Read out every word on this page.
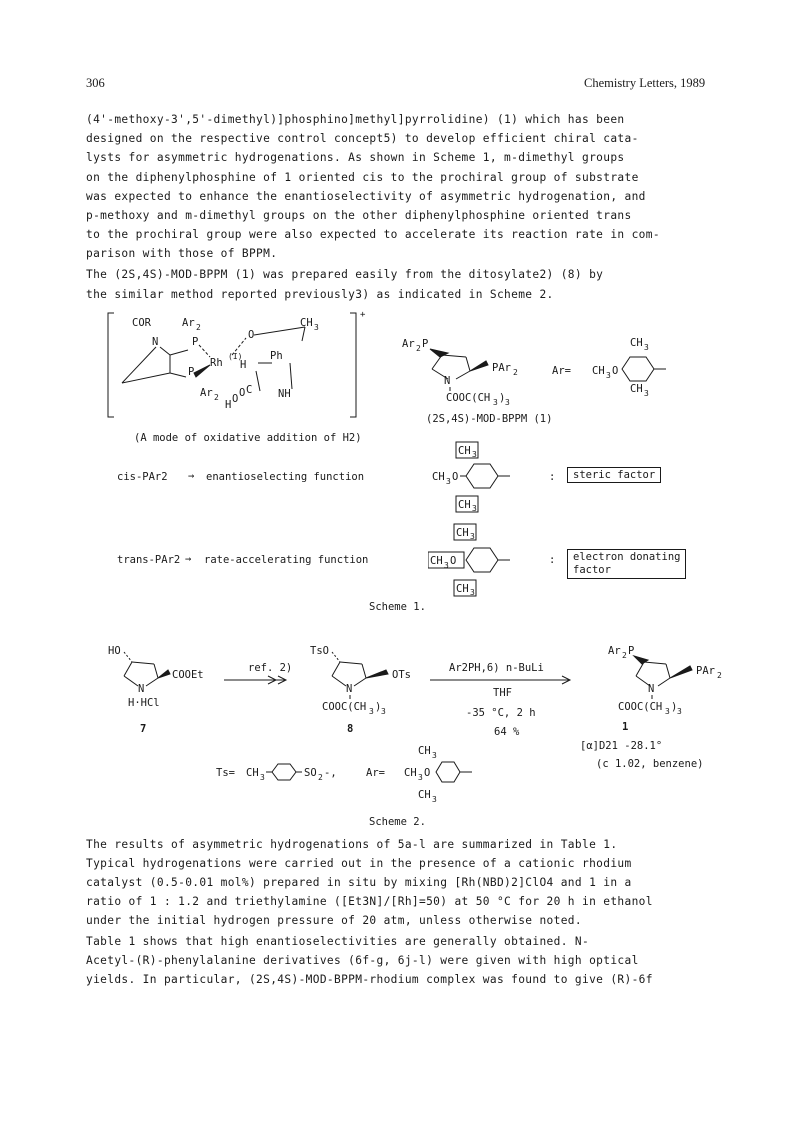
306	Chemistry Letters, 1989
(4'-methoxy-3',5'-dimethyl)]phosphino]methyl]pyrrolidine) (1) which has been
designed on the respective control concept5) to develop efficient chiral cata-
lysts for asymmetric hydrogenations. As shown in Scheme 1, m-dimethyl groups
on the diphenylphosphine of 1 oriented cis to the prochiral group of substrate
was expected to enhance the enantioselectivity of asymmetric hydrogenation, and
p-methoxy and m-dimethyl groups on the other diphenylphosphine oriented trans
to the prochiral group were also expected to accelerate its reaction rate in com-
parison with those of BPPM.
The (2S,4S)-MOD-BPPM (1) was prepared easily from the ditosylate2) (8) by
the similar method reported previously3) as indicated in Scheme 2.
+
COR	Ar 2
N	P
Rh
(I)
P
Ar 2
H
Ph
O
CH 3
NH
H O O C
Ar 2 P
N
PAr 2
COOC(CH 3 ) 3
Ar= CH 3 O
CH 3
CH 3
(2S,4S)-MOD-BPPM (1)
(A mode of oxidative addition of H2)
cis-PAr2 → enantioselecting function
CH 3
CH 3 O
CH 3
:	steric factor
trans-PAr2 → rate-accelerating function
CH 3
CH 3 O
CH 3
: electron donating
factor
Scheme 1.
HO
COOEt
N
H·HCl
TsO
OTs
N
COOC(CH 3 ) 3
Ar 2 P
PAr 2
N
COOC(CH 3 ) 3
Ts= CH 3	SO 2 -,	Ar= CH 3 O
CH 3
CH 3
ref. 2)	Ar2PH,6) n-BuLi
THF
-35 °C, 2 h
64 %
7	8	1
[α]D21 -28.1°
(c 1.02, benzene)
Scheme 2.
The results of asymmetric hydrogenations of 5a-l are summarized in Table 1.
Typical hydrogenations were carried out in the presence of a cationic rhodium
catalyst (0.5-0.01 mol%) prepared in situ by mixing [Rh(NBD)2]ClO4 and 1 in a
ratio of 1 : 1.2 and triethylamine ([Et3N]/[Rh]=50) at 50 °C for 20 h in ethanol
under the initial hydrogen pressure of 20 atm, unless otherwise noted.
Table 1 shows that high enantioselectivities are generally obtained. N-
Acetyl-(R)-phenylalanine derivatives (6f-g, 6j-l) were given with high optical
yields. In particular, (2S,4S)-MOD-BPPM-rhodium complex was found to give (R)-6f
